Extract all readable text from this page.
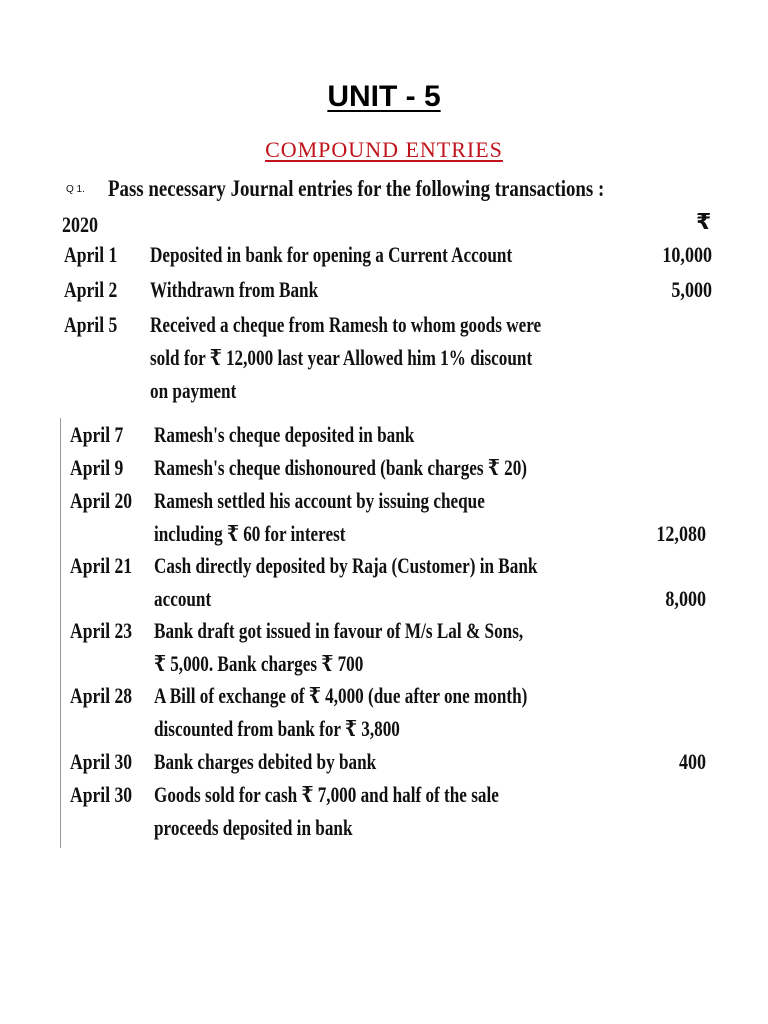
UNIT - 5
COMPOUND ENTRIES
Q 1. Pass necessary Journal entries for the following transactions :
2020	₹
April 1 Deposited in bank for opening a Current Account	10,000
April 2 Withdrawn from Bank	5,000
April 5 Received a cheque from Ramesh to whom goods were
sold for ₹ 12,000 last year Allowed him 1% discount
on payment
April 7 Ramesh's cheque deposited in bank
April 9 Ramesh's cheque dishonoured (bank charges ₹ 20)
April 20 Ramesh settled his account by issuing cheque
including ₹ 60 for interest	12,080
April 21 Cash directly deposited by Raja (Customer) in Bank
account	8,000
April 23 Bank draft got issued in favour of M/s Lal & Sons,
₹ 5,000. Bank charges ₹ 700
April 28 A Bill of exchange of ₹ 4,000 (due after one month)
discounted from bank for ₹ 3,800
April 30 Bank charges debited by bank	400
April 30 Goods sold for cash ₹ 7,000 and half of the sale
proceeds deposited in bank
